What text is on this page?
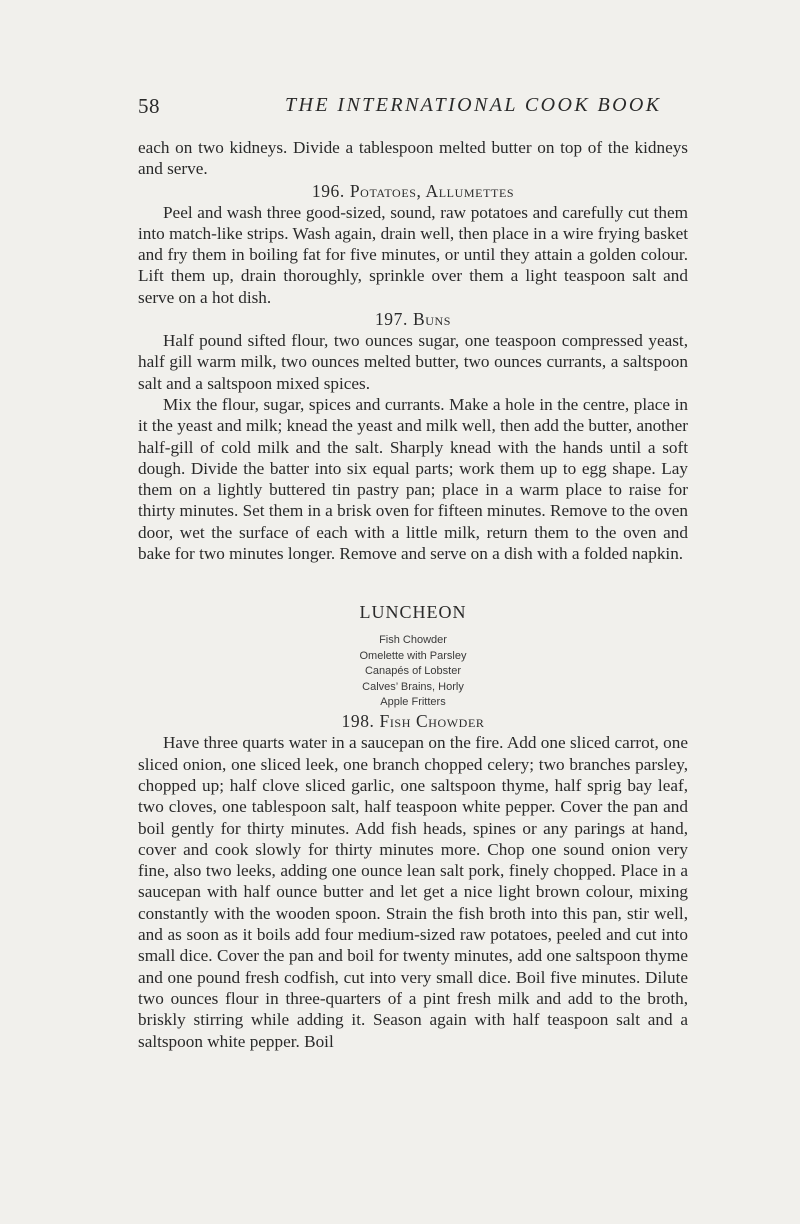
58	THE INTERNATIONAL COOK BOOK

each on two kidneys. Divide a tablespoon melted butter on top of the kidneys and serve.

196. Potatoes, Allumettes

Peel and wash three good-sized, sound, raw potatoes and carefully cut them into match-like strips. Wash again, drain well, then place in a wire frying basket and fry them in boiling fat for five minutes, or until they attain a golden colour. Lift them up, drain thoroughly, sprinkle over them a light teaspoon salt and serve on a hot dish.

197. Buns

Half pound sifted flour, two ounces sugar, one teaspoon compressed yeast, half gill warm milk, two ounces melted butter, two ounces currants, a saltspoon salt and a saltspoon mixed spices.

Mix the flour, sugar, spices and currants. Make a hole in the centre, place in it the yeast and milk; knead the yeast and milk well, then add the butter, another half-gill of cold milk and the salt. Sharply knead with the hands until a soft dough. Divide the batter into six equal parts; work them up to egg shape. Lay them on a lightly buttered tin pastry pan; place in a warm place to raise for thirty minutes. Set them in a brisk oven for fifteen minutes. Remove to the oven door, wet the surface of each with a little milk, return them to the oven and bake for two minutes longer. Remove and serve on a dish with a folded napkin.

LUNCHEON
Fish Chowder
Omelette with Parsley
Canapés of Lobster
Calves’ Brains, Horly
Apple Fritters
198. Fish Chowder

Have three quarts water in a saucepan on the fire. Add one sliced carrot, one sliced onion, one sliced leek, one branch chopped celery; two branches parsley, chopped up; half clove sliced garlic, one saltspoon thyme, half sprig bay leaf, two cloves, one tablespoon salt, half teaspoon white pepper. Cover the pan and boil gently for thirty minutes. Add fish heads, spines or any parings at hand, cover and cook slowly for thirty minutes more. Chop one sound onion very fine, also two leeks, adding one ounce lean salt pork, finely chopped. Place in a saucepan with half ounce butter and let get a nice light brown colour, mixing constantly with the wooden spoon. Strain the fish broth into this pan, stir well, and as soon as it boils add four medium-sized raw potatoes, peeled and cut into small dice. Cover the pan and boil for twenty minutes, add one saltspoon thyme and one pound fresh codfish, cut into very small dice. Boil five minutes. Dilute two ounces flour in three-quarters of a pint fresh milk and add to the broth, briskly stirring while adding it. Season again with half teaspoon salt and a saltspoon white pepper. Boil
